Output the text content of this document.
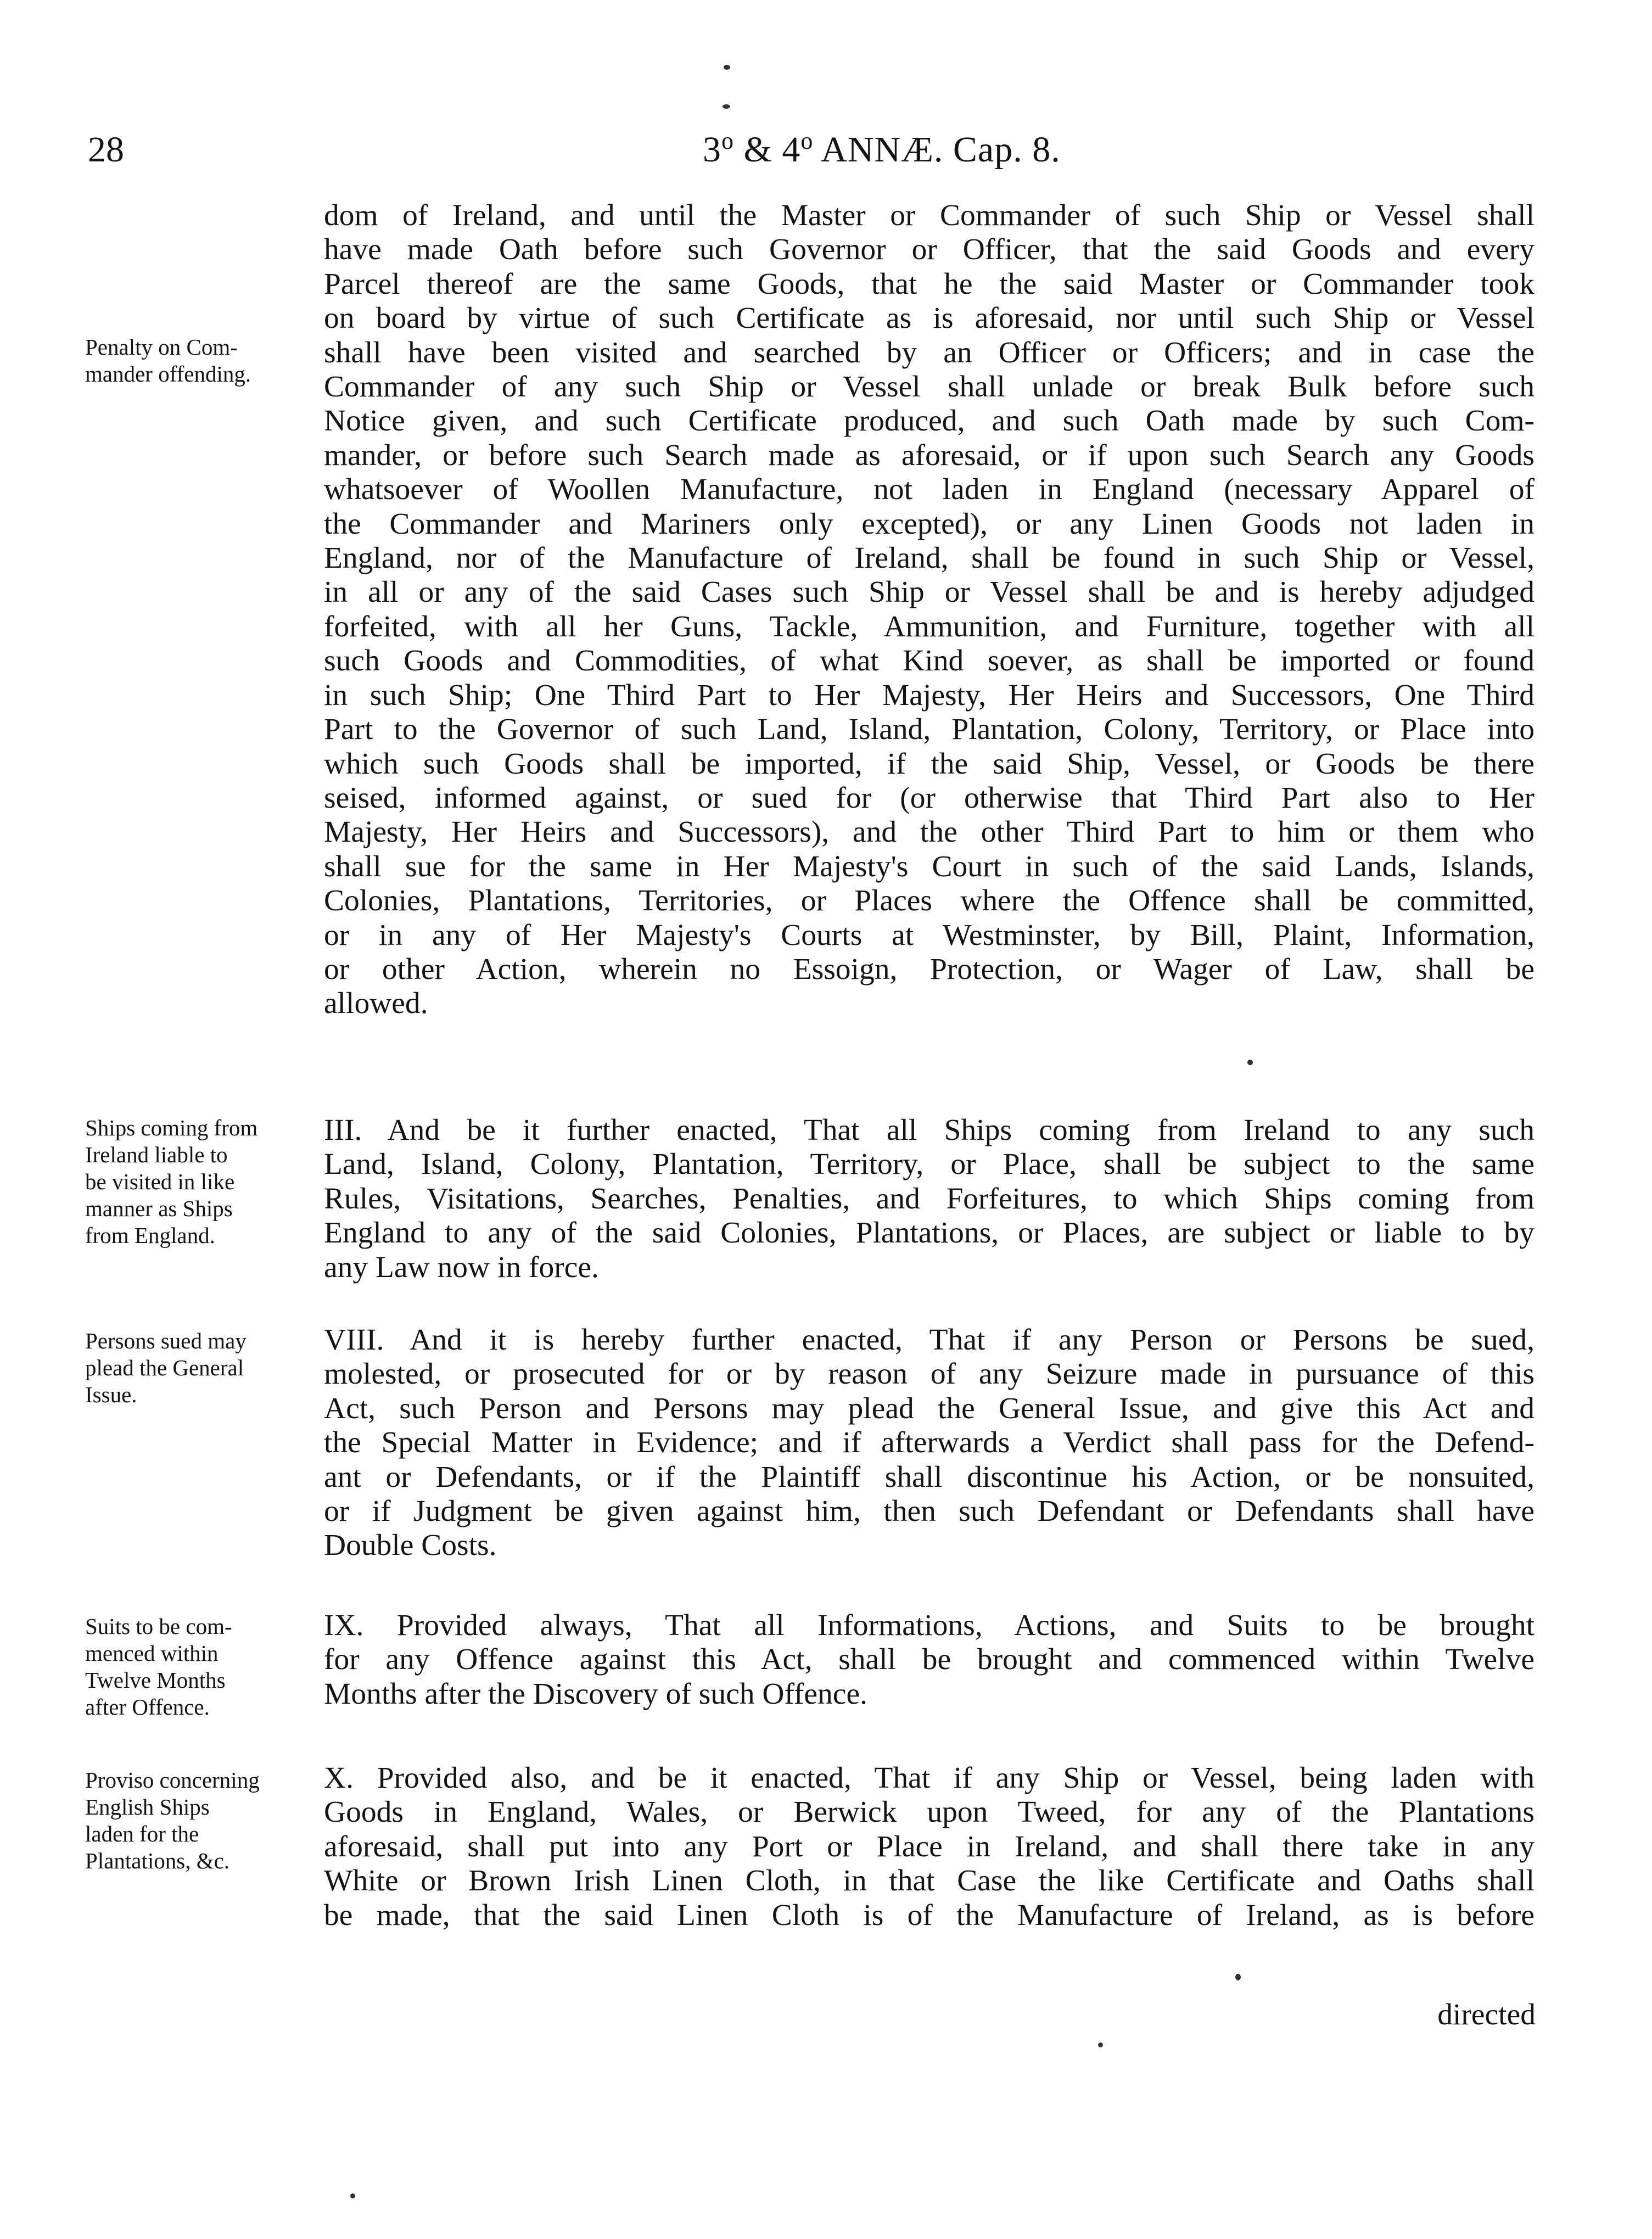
28	3$^o$ & 4$^o$ ANNÆ. Cap. 8.
Penalty on Com-
mander offending.
Ships coming from
Ireland liable to
be visited in like
manner as Ships
from England.
Persons sued may
plead the General
Issue.
Suits to be com-
menced within
Twelve Months
after Offence.
Proviso concerning
English Ships
laden for the
Plantations, &c.
dom of Ireland, and until the Master or Commander of such Ship or Vessel shall
have made Oath before such Governor or Officer, that the said Goods and every
Parcel thereof are the same Goods, that he the said Master or Commander took
on board by virtue of such Certificate as is aforesaid, nor until such Ship or Vessel
shall have been visited and searched by an Officer or Officers; and in case the
Commander of any such Ship or Vessel shall unlade or break Bulk before such
Notice given, and such Certificate produced, and such Oath made by such Com-
mander, or before such Search made as aforesaid, or if upon such Search any Goods
whatsoever of Woollen Manufacture, not laden in England (necessary Apparel of
the Commander and Mariners only excepted), or any Linen Goods not laden in
England, nor of the Manufacture of Ireland, shall be found in such Ship or Vessel,
in all or any of the said Cases such Ship or Vessel shall be and is hereby adjudged
forfeited, with all her Guns, Tackle, Ammunition, and Furniture, together with all
such Goods and Commodities, of what Kind soever, as shall be imported or found
in such Ship; One Third Part to Her Majesty, Her Heirs and Successors, One Third
Part to the Governor of such Land, Island, Plantation, Colony, Territory, or Place into
which such Goods shall be imported, if the said Ship, Vessel, or Goods be there
seised, informed against, or sued for (or otherwise that Third Part also to Her
Majesty, Her Heirs and Successors), and the other Third Part to him or them who
shall sue for the same in Her Majesty's Court in such of the said Lands, Islands,
Colonies, Plantations, Territories, or Places where the Offence shall be committed,
or in any of Her Majesty's Courts at Westminster, by Bill, Plaint, Information,
or other Action, wherein no Essoign, Protection, or Wager of Law, shall be
allowed.
III. And be it further enacted, That all Ships coming from Ireland to any such
Land, Island, Colony, Plantation, Territory, or Place, shall be subject to the same
Rules, Visitations, Searches, Penalties, and Forfeitures, to which Ships coming from
England to any of the said Colonies, Plantations, or Places, are subject or liable to by
any Law now in force.
VIII. And it is hereby further enacted, That if any Person or Persons be sued,
molested, or prosecuted for or by reason of any Seizure made in pursuance of this
Act, such Person and Persons may plead the General Issue, and give this Act and
the Special Matter in Evidence; and if afterwards a Verdict shall pass for the Defend-
ant or Defendants, or if the Plaintiff shall discontinue his Action, or be nonsuited,
or if Judgment be given against him, then such Defendant or Defendants shall have
Double Costs.
IX. Provided always, That all Informations, Actions, and Suits to be brought
for any Offence against this Act, shall be brought and commenced within Twelve
Months after the Discovery of such Offence.
X. Provided also, and be it enacted, That if any Ship or Vessel, being laden with
Goods in England, Wales, or Berwick upon Tweed, for any of the Plantations
aforesaid, shall put into any Port or Place in Ireland, and shall there take in any
White or Brown Irish Linen Cloth, in that Case the like Certificate and Oaths shall
be made, that the said Linen Cloth is of the Manufacture of Ireland, as is before
directed
